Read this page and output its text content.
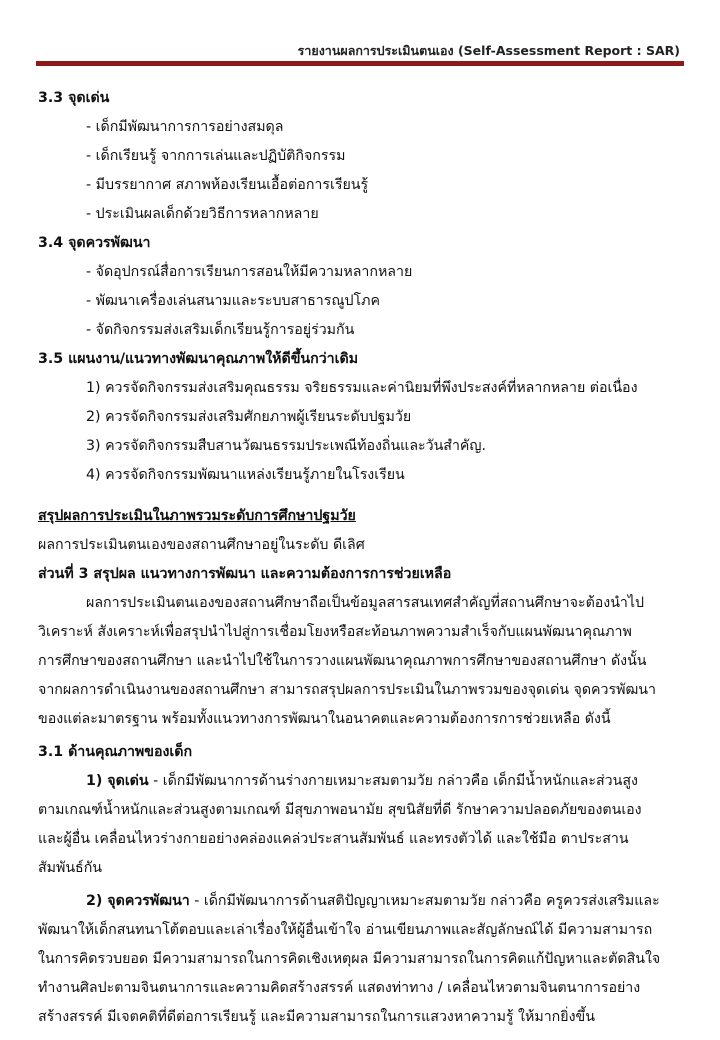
รายงานผลการประเมินตนเอง (Self-Assessment Report : SAR)
3.3 จุดเด่น
- เด็กมีพัฒนาการการอย่างสมดุล
- เด็กเรียนรู้ จากการเล่นและปฏิบัติกิจกรรม
- มีบรรยากาศ สภาพห้องเรียนเอื้อต่อการเรียนรู้
- ประเมินผลเด็กด้วยวิธีการหลากหลาย
3.4 จุดควรพัฒนา
- จัดอุปกรณ์สื่อการเรียนการสอนให้มีความหลากหลาย
- พัฒนาเครื่องเล่นสนามและระบบสาธารณูปโภค
- จัดกิจกรรมส่งเสริมเด็กเรียนรู้การอยู่ร่วมกัน
3.5 แผนงาน/แนวทางพัฒนาคุณภาพให้ดีขึ้นกว่าเดิม
1) ควรจัดกิจกรรมส่งเสริมคุณธรรม จริยธรรมและค่านิยมที่พึงประสงค์ที่หลากหลาย ต่อเนื่อง
2) ควรจัดกิจกรรมส่งเสริมศักยภาพผู้เรียนระดับปฐมวัย
3) ควรจัดกิจกรรมสืบสานวัฒนธรรมประเพณีท้องถิ่นและวันสำคัญ.
4) ควรจัดกิจกรรมพัฒนาแหล่งเรียนรู้ภายในโรงเรียน
สรุปผลการประเมินในภาพรวมระดับการศึกษาปฐมวัย
ผลการประเมินตนเองของสถานศึกษาอยู่ในระดับ ดีเลิศ
ส่วนที่ 3 สรุปผล แนวทางการพัฒนา และความต้องการการช่วยเหลือ
ผลการประเมินตนเองของสถานศึกษาถือเป็นข้อมูลสารสนเทศสำคัญที่สถานศึกษาจะต้องนำไป
วิเคราะห์ สังเคราะห์เพื่อสรุปนำไปสู่การเชื่อมโยงหรือสะท้อนภาพความสำเร็จกับแผนพัฒนาคุณภาพ
การศึกษาของสถานศึกษา และนำไปใช้ในการวางแผนพัฒนาคุณภาพการศึกษาของสถานศึกษา ดังนั้น
จากผลการดำเนินงานของสถานศึกษา สามารถสรุปผลการประเมินในภาพรวมของจุดเด่น จุดควรพัฒนา
ของแต่ละมาตรฐาน พร้อมทั้งแนวทางการพัฒนาในอนาคตและความต้องการการช่วยเหลือ ดังนี้
3.1 ด้านคุณภาพของเด็ก
1) จุดเด่น - เด็กมีพัฒนาการด้านร่างกายเหมาะสมตามวัย กล่าวคือ เด็กมีน้ำหนักและส่วนสูง
ตามเกณฑ์น้ำหนักและส่วนสูงตามเกณฑ์ มีสุขภาพอนามัย สุขนิสัยที่ดี รักษาความปลอดภัยของตนเอง
และผู้อื่น เคลื่อนไหวร่างกายอย่างคล่องแคล่วประสานสัมพันธ์ และทรงตัวได้ และใช้มือ ตาประสาน
สัมพันธ์กัน
2) จุดควรพัฒนา - เด็กมีพัฒนาการด้านสติปัญญาเหมาะสมตามวัย กล่าวคือ ครูควรส่งเสริมและ
พัฒนาให้เด็กสนทนาโต้ตอบและเล่าเรื่องให้ผู้อื่นเข้าใจ อ่านเขียนภาพและสัญลักษณ์ได้ มีความสามารถ
ในการคิดรวบยอด มีความสามารถในการคิดเชิงเหตุผล มีความสามารถในการคิดแก้ปัญหาและตัดสินใจ
ทำงานศิลปะตามจินตนาการและความคิดสร้างสรรค์ แสดงท่าทาง / เคลื่อนไหวตามจินตนาการอย่าง
สร้างสรรค์ มีเจตคติที่ดีต่อการเรียนรู้ และมีความสามารถในการแสวงหาความรู้ ให้มากยิ่งขึ้น
